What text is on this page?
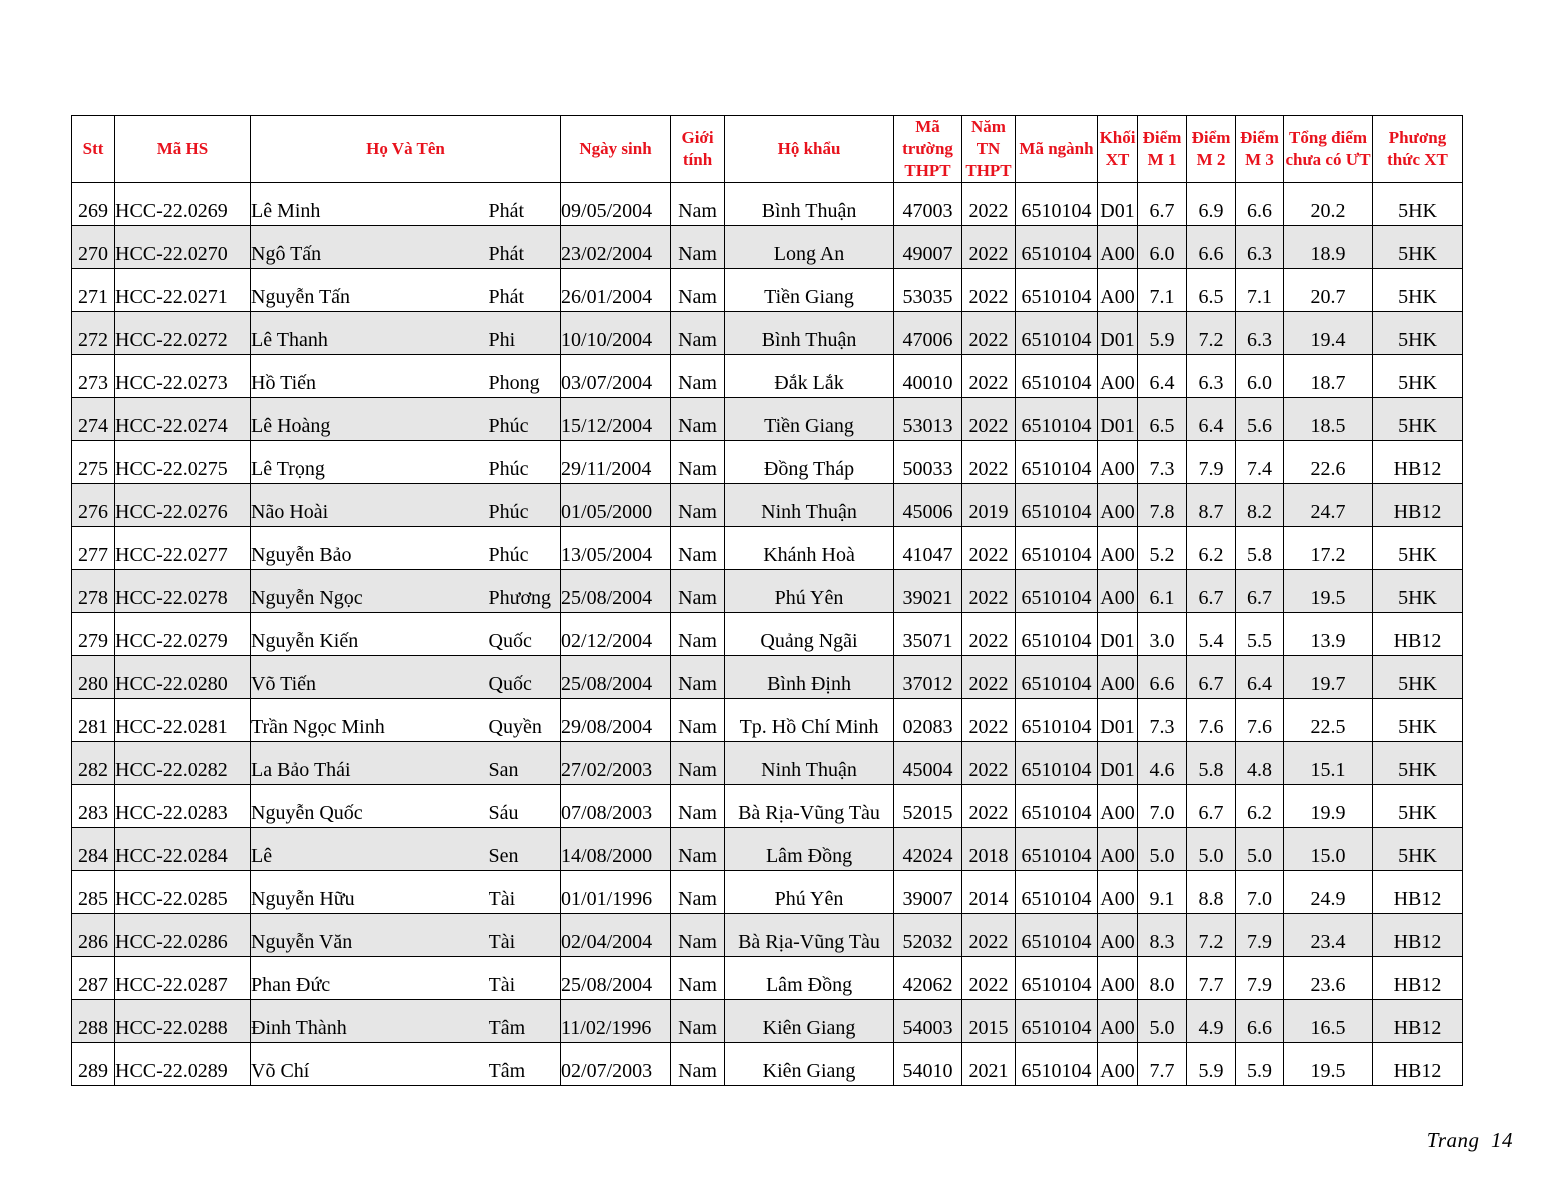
Stt	Mã HS	Họ Và Tên		Ngày sinh	Giới tính	Hộ khẩu	Mã trường THPT	Năm TN THPT	Mã ngành	Khối XT	Điểm M 1	Điểm M 2	Điểm M 3	Tổng điểm chưa có ƯT	Phương thức XT
269	HCC-22.0269	Lê Minh	Phát	09/05/2004	Nam	Bình Thuận	47003	2022	6510104	D01	6.7	6.9	6.6	20.2	5HK
270	HCC-22.0270	Ngô Tấn	Phát	23/02/2004	Nam	Long An	49007	2022	6510104	A00	6.0	6.6	6.3	18.9	5HK
271	HCC-22.0271	Nguyễn Tấn	Phát	26/01/2004	Nam	Tiền Giang	53035	2022	6510104	A00	7.1	6.5	7.1	20.7	5HK
272	HCC-22.0272	Lê Thanh	Phi	10/10/2004	Nam	Bình Thuận	47006	2022	6510104	D01	5.9	7.2	6.3	19.4	5HK
273	HCC-22.0273	Hồ Tiến	Phong	03/07/2004	Nam	Đắk Lắk	40010	2022	6510104	A00	6.4	6.3	6.0	18.7	5HK
274	HCC-22.0274	Lê Hoàng	Phúc	15/12/2004	Nam	Tiền Giang	53013	2022	6510104	D01	6.5	6.4	5.6	18.5	5HK
275	HCC-22.0275	Lê Trọng	Phúc	29/11/2004	Nam	Đồng Tháp	50033	2022	6510104	A00	7.3	7.9	7.4	22.6	HB12
276	HCC-22.0276	Não Hoài	Phúc	01/05/2000	Nam	Ninh Thuận	45006	2019	6510104	A00	7.8	8.7	8.2	24.7	HB12
277	HCC-22.0277	Nguyễn Bảo	Phúc	13/05/2004	Nam	Khánh Hoà	41047	2022	6510104	A00	5.2	6.2	5.8	17.2	5HK
278	HCC-22.0278	Nguyễn Ngọc	Phương	25/08/2004	Nam	Phú Yên	39021	2022	6510104	A00	6.1	6.7	6.7	19.5	5HK
279	HCC-22.0279	Nguyễn Kiến	Quốc	02/12/2004	Nam	Quảng Ngãi	35071	2022	6510104	D01	3.0	5.4	5.5	13.9	HB12
280	HCC-22.0280	Võ Tiến	Quốc	25/08/2004	Nam	Bình Định	37012	2022	6510104	A00	6.6	6.7	6.4	19.7	5HK
281	HCC-22.0281	Trần Ngọc Minh	Quyền	29/08/2004	Nam	Tp. Hồ Chí Minh	02083	2022	6510104	D01	7.3	7.6	7.6	22.5	5HK
282	HCC-22.0282	La Bảo Thái	San	27/02/2003	Nam	Ninh Thuận	45004	2022	6510104	D01	4.6	5.8	4.8	15.1	5HK
283	HCC-22.0283	Nguyễn Quốc	Sáu	07/08/2003	Nam	Bà Rịa-Vũng Tàu	52015	2022	6510104	A00	7.0	6.7	6.2	19.9	5HK
284	HCC-22.0284	Lê	Sen	14/08/2000	Nam	Lâm Đồng	42024	2018	6510104	A00	5.0	5.0	5.0	15.0	5HK
285	HCC-22.0285	Nguyễn Hữu	Tài	01/01/1996	Nam	Phú Yên	39007	2014	6510104	A00	9.1	8.8	7.0	24.9	HB12
286	HCC-22.0286	Nguyễn Văn	Tài	02/04/2004	Nam	Bà Rịa-Vũng Tàu	52032	2022	6510104	A00	8.3	7.2	7.9	23.4	HB12
287	HCC-22.0287	Phan Đức	Tài	25/08/2004	Nam	Lâm Đồng	42062	2022	6510104	A00	8.0	7.7	7.9	23.6	HB12
288	HCC-22.0288	Đinh Thành	Tâm	11/02/1996	Nam	Kiên Giang	54003	2015	6510104	A00	5.0	4.9	6.6	16.5	HB12
289	HCC-22.0289	Võ Chí	Tâm	02/07/2003	Nam	Kiên Giang	54010	2021	6510104	A00	7.7	5.9	5.9	19.5	HB12
Trang 14
